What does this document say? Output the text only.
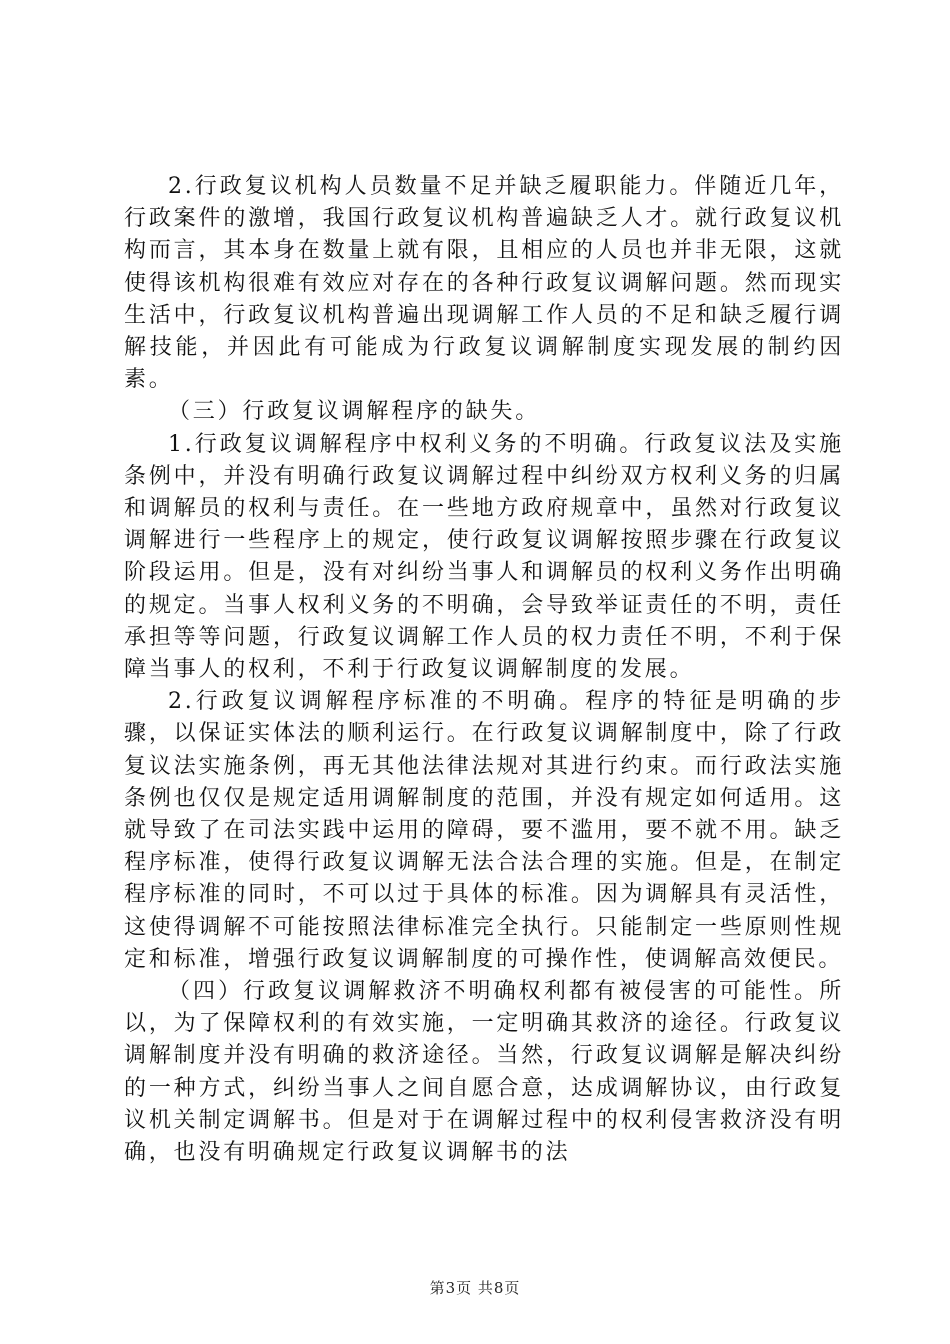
2.行政复议机构人员数量不足并缺乏履职能力。伴随近几年，行政案件的激增，我国行政复议机构普遍缺乏人才。就行政复议机构而言，其本身在数量上就有限，且相应的人员也并非无限，这就使得该机构很难有效应对存在的各种行政复议调解问题。然而现实生活中，行政复议机构普遍出现调解工作人员的不足和缺乏履行调解技能，并因此有可能成为行政复议调解制度实现发展的制约因素。

（三）行政复议调解程序的缺失。

1.行政复议调解程序中权利义务的不明确。行政复议法及实施条例中，并没有明确行政复议调解过程中纠纷双方权利义务的归属和调解员的权利与责任。在一些地方政府规章中，虽然对行政复议调解进行一些程序上的规定，使行政复议调解按照步骤在行政复议阶段运用。但是，没有对纠纷当事人和调解员的权利义务作出明确的规定。当事人权利义务的不明确，会导致举证责任的不明，责任承担等等问题，行政复议调解工作人员的权力责任不明，不利于保障当事人的权利，不利于行政复议调解制度的发展。

2.行政复议调解程序标准的不明确。程序的特征是明确的步骤，以保证实体法的顺利运行。在行政复议调解制度中，除了行政复议法实施条例，再无其他法律法规对其进行约束。而行政法实施条例也仅仅是规定适用调解制度的范围，并没有规定如何适用。这就导致了在司法实践中运用的障碍，要不滥用，要不就不用。缺乏程序标准，使得行政复议调解无法合法合理的实施。但是，在制定程序标准的同时，不可以过于具体的标准。因为调解具有灵活性，这使得调解不可能按照法律标准完全执行。只能制定一些原则性规定和标准，增强行政复议调解制度的可操作性，使调解高效便民。

（四）行政复议调解救济不明确权利都有被侵害的可能性。所以，为了保障权利的有效实施，一定明确其救济的途径。行政复议调解制度并没有明确的救济途径。当然，行政复议调解是解决纠纷的一种方式，纠纷当事人之间自愿合意，达成调解协议，由行政复议机关制定调解书。但是对于在调解过程中的权利侵害救济没有明确，也没有明确规定行政复议调解书的法

第3页 共8页
